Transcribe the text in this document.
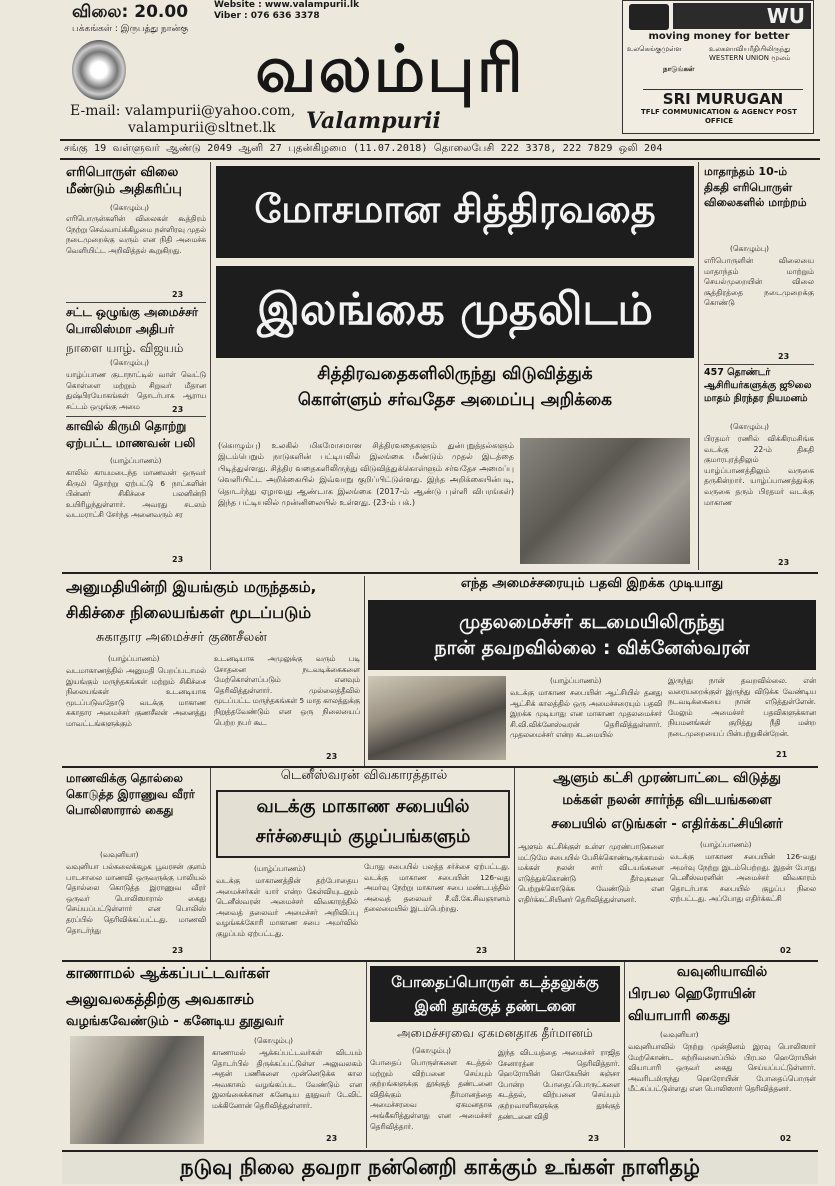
விலை: 20.00
பக்கங்கள் : இருபத்து நான்கு
Website : www.valampurii.lk
Viber : 076 636 3378
வலம்புரி
Valampurii
E-mail: valampurii@yahoo.com,
valampurii@sltnet.lk
WU
moving money for better
உலகெங்குமுள்ள	உலகளாவியரீதியிலிருந்து WESTERN UNION மூலம்
நாடுங்கள்
SRI MURUGAN
TFLF COMMUNICATION & AGENCY POST OFFICE
சங்கு 19 வள்ளுவர் ஆண்டு 2049 ஆனி 27 புதன்கிழமை (11.07.2018) தொலைபேசி 222 3378, 222 7829 ஒலி 204
எரிபொருள் விலை மீண்டும் அதிகரிப்பு
(கொழும்பு)
எரிபொருள்களின் விலைகள் கூத்திரம் நேற்று செவ்வாய்க்கிழமை நள்ளிரவு முதல் நடைமுறைக்கு வரும் என நிதி அமைச்சு வெளியிட்ட அறிவித்தல் கூறுகிறது.
23
சட்ட ஒழுங்கு அமைச்சர் பொலிஸ்மா அதிபர்
நாளை யாழ். விஜயம்
(கொழும்பு)
யாழ்ப்பாண குடாநாட்டில் வாள் வெட்டு கொள்ளை மற்றும் சிறுவர் மீதான துஷ்பிரயோகங்கள் தொடர்பாக ஆராய சட்டம் ஒழுங்கு அமை	23
காவில் கிருமி தொற்று ஏற்பட்ட மாணவன் பலி
(யாழ்ப்பாணம்)
காலில் காயமடைந்த மாணவன் ஒருவர் கிருமி தொற்று ஏற்பட்டு 6 நாட்களின் பின்னர் சிகிச்சை பலனின்றி உயிரிழந்துள்ளார். அவரது சடலம் வடமராட்சி சேர்ந்த அனைவரும் சர
23
மோசமான சித்திரவதை
இலங்கை முதலிடம்
சித்திரவதைகளிலிருந்து விடுவித்துக்
கொள்ளும் சர்வதேச அமைப்பு அறிக்கை
(கொழும்பு) உலகில் மிகமோசமான சித்திரவதைகளும் துன்புறுத்தல்களும் இடம்பெறும் நாடுகளின் பட்டியலில் இலங்கை மீண்டும் முதல் இடத்தை பிடித்துள்ளது. சித்திர வதைகளிலிருந்து விடுவித்துக்கொள்ளும் சர்வதேச அமைப்பு வெளியிட்ட அறிக்கையில் இவ்வாறு குறிப்பிட்டுள்ளது. இந்த அறிக்கையின்படி, தொடர்ந்து ஏழாவது ஆண்டாக இலங்கை (2017-ம் ஆண்டு புள்ளி விபரங்கள்) இந்த பட்டியலில் முன்னிலையில் உள்ளது. (23-ம் பக்.)
மாதாந்தம் 10-ம் திகதி எரிபொருள் விலைகளில் மாற்றம்
(கொழும்பு)
எரிபொருளின் விலையை மாதாந்தம் மாற்றும் செயல்முறையின் விலை சூத்திரத்தை நடைமுறைக்கு கொண்டு
23
457 தொண்டர் ஆசிரியர்களுக்கு ஜூலை மாதம் நிரந்தர நியமனம்
(கொழும்பு)
பிரதமர் ரணில் விக்கிரமசிங்க வடக்கு 22-ம் திகதி குமாரபுரத்திலும் யாழ்ப்பாணத்திலும் வருகை தருகின்றார். யாழ்ப்பாணத்துக்கு வருகை தரும் பிரதமர் வடக்கு மாகாண
23
அனுமதியின்றி இயங்கும் மருந்தகம்,
சிகிச்சை நிலையங்கள் மூடப்படும்
சுகாதார அமைச்சர் குணசீலன்
(யாழ்ப்பாணம்)
வடமாகாணத்தில் அனுமதி பெறப்படாமல் இயங்கும் மருந்தகங்கள் மற்றும் சிகிச்சை நிலையங்கள் உடனடியாக மூடப்படுவதோடு வடக்கு மாகாண சுகாதார அமைச்சர் குணசீலன் அனைத்து மாவட்டங்களுக்கும்
உடனடியாக அமுலுக்கு வரும் படி சோதனை நடவடிக்கைகளை மேற்கொள்ளப்படும் எனவும் தெரிவித்துள்ளார். முல்லைத்தீவில் மூடப்பட்ட மருந்தகங்கள் 5 மாத காலத்துக்கு நிறுத்தவேண்டும் என ஒரு நிலையைப் பெற்ற நபர் கூட
23
எந்த அமைச்சரையும் பதவி இறக்க முடியாது
முதலமைச்சர் கடமையிலிருந்து
நான் தவறவில்லை : விக்னேஸ்வரன்
(யாழ்ப்பாணம்)
வடக்கு மாகாண சபையின் ஆட்சியில் தனது ஆட்சிக் காலத்தில் ஒரு அமைச்சரையும் பதவி இறக்க முடியாது என மாகாண முதலமைச்சர் சி.வி.விக்னேஸ்வரன் தெரிவித்துள்ளார். முதலமைச்சர் என்ற கடமையில்
இருந்து நான் தவறவில்லை. என் வரையறைக்குள் இருந்து விடுக்க வேண்டிய நடவடிக்கையை நான் எடுத்துள்ளேன். மேலும் அமைச்சர் பதவிகளுக்கான நியமனங்கள் குறித்து நீதி மன்ற நடைமுறையைப் பின்பற்றுகின்றேன்.
21
மாணவிக்கு தொல்லை கொடுத்த இராணுவ வீரர் பொலிஸாரால் கைது
(வவுனியா)
வவுனியா பல்கலைக்கழக பூவரசன் குளம் பாடசாலை மாணவி ஒருவருக்கு பாலியல் தொல்லை கொடுத்த இராணுவ வீரர் ஒருவர் பொலிஸாரால் கைது செய்யப்பட்டுள்ளார் என பொலிஸ் தரப்பில் தெரிவிக்கப்பட்டது. மாணவி தொடர்ந்து
23
டெனீஸ்வரன் விவகாரத்தால்
வடக்கு மாகாண சபையில்
சர்ச்சையும் குழப்பங்களும்
(யாழ்ப்பாணம்)
வடக்கு மாகாணத்தின் தற்போதைய அமைச்சர்கள் யார் என்ற கேள்வியுடனும் டெனீஸ்வரன் அமைச்சர் விவகாரத்தில் அவைத் தலைவர் அமைச்சர் அறிவிப்பு வழங்கக்கோரி மாகாண சபை அமர்வில் குழப்பம் ஏற்பட்டது.
போது சபையில் பலத்த சர்ச்சை ஏற்பட்டது. வடக்கு மாகாண சபையின் 126-வது அமர்வு நேற்று மாகாண சபை மண்டபத்தில் அவைத் தலைவர் சீ.வீ.கே.சிவஞானம் தலைமையில் இடம்பெற்றது.
23
ஆளும் கட்சி முரண்பாட்டை விடுத்து
மக்கள் நலன் சார்ந்த விடயங்களை
சபையில் எடுங்கள் - எதிர்க்கட்சியினர்
(யாழ்ப்பாணம்)
ஆளும் கட்சிக்குள் உள்ள முரண்பாடுகளை மட்டுமே சபையில் பேசிக்கொண்டிருக்காமல் மக்கள் நலன் சார் விடயங்களை எடுத்துக்கொண்டு தீர்வுகளை பெற்றுக்கொடுக்க வேண்டும் என எதிர்க்கட்சியினர் தெரிவித்துள்ளனர்.
வடக்கு மாகாண சபையின் 126-வது அமர்வு நேற்று இடம்பெற்றது. இதன் போது டெனீஸ்வரனின் அமைச்சர் விவகாரம் தொடர்பாக சபையில் குழப்ப நிலை ஏற்பட்டது. அப்போது எதிர்க்கட்சி
02
காணாமல் ஆக்கப்பட்டவர்கள்
அலுவலகத்திற்கு அவகாசம்
வழங்கவேண்டும் - கனேடிய தூதுவர்
(கொழும்பு)
காணாமல் ஆக்கப்பட்டவர்கள் விடயம் தொடர்பில் திருக்கப்பட்டுள்ள அலுவலகம் அதன் பணிகளை முன்னெடுக்க கால அவகாசம் வழங்கப்பட வேண்டும் என இலங்கைக்கான கனேடிய தூதுவர் டேவிட் மக்கினோன் தெரிவித்துள்ளார்.
23
போதைப்பொருள் கடத்தலுக்கு
இனி தூக்குத் தண்டனை
அமைச்சரவை ஏகமனதாக தீர்மானம்
(கொழும்பு)
போதைப் பொருள்களை கடத்தல் மற்றும் விற்பனை செய்யும் குற்றங்களுக்கு தூக்குத் தண்டனை விதிக்கும் தீர்மானத்தை அமைச்சரவை ஏகமனதாக அங்கீகரித்துள்ளது என அமைச்சர் தெரிவித்தார்.
இந்த விடயத்தை அமைச்சர் ராஜித சேனாரத்ன தெரிவித்தார். ஹெரோயின் கொகேயின் கஞ்சா போன்ற போதைப்பொருட்களை கடத்தல், விற்பனை செய்யும் குற்றவாளிகளுக்கு தூக்குத் தண்டனை விதி
23
வவுனியாவில்
பிரபல ஹெரோயின்
வியாபாரி கைது
(வவுனியா)
வவுனியாவில் நேற்று முன்தினம் இரவு பொலிஸார் மேற்கொண்ட சுற்றிவளைப்பில் பிரபல ஹெரோயின் வியாபாரி ஒருவர் கைது செய்யப்பட்டுள்ளார். அவரிடமிருந்து ஹெரோயின் போதைப்பொருள் மீட்கப்பட்டுள்ளது என பொலிஸார் தெரிவித்தனர்.
02
நடுவு நிலை தவறா நன்னெறி காக்கும் உங்கள் நாளிதழ்
